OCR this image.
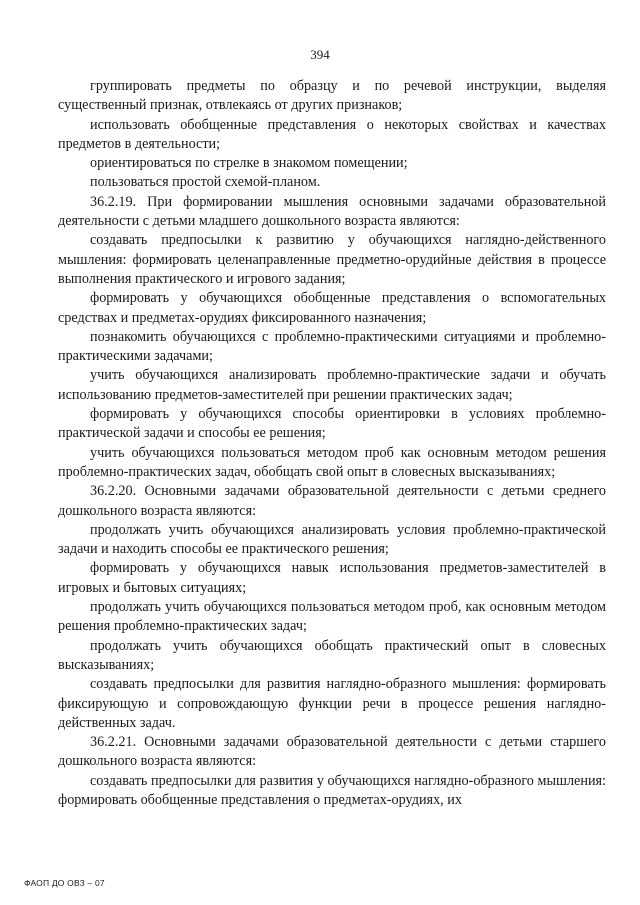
394

группировать предметы по образцу и по речевой инструкции, выделяя существенный признак, отвлекаясь от других признаков;

использовать обобщенные представления о некоторых свойствах и качествах предметов в деятельности;

ориентироваться по стрелке в знакомом помещении;

пользоваться простой схемой-планом.

36.2.19. При формировании мышления основными задачами образовательной деятельности с детьми младшего дошкольного возраста являются:

создавать предпосылки к развитию у обучающихся наглядно-действенного мышления: формировать целенаправленные предметно-орудийные действия в процессе выполнения практического и игрового задания;

формировать у обучающихся обобщенные представления о вспомогательных средствах и предметах-орудиях фиксированного назначения;

познакомить обучающихся с проблемно-практическими ситуациями и проблемно-практическими задачами;

учить обучающихся анализировать проблемно-практические задачи и обучать использованию предметов-заместителей при решении практических задач;

формировать у обучающихся способы ориентировки в условиях проблемно-практической задачи и способы ее решения;

учить обучающихся пользоваться методом проб как основным методом решения проблемно-практических задач, обобщать свой опыт в словесных высказываниях;

36.2.20. Основными задачами образовательной деятельности с детьми среднего дошкольного возраста являются:

продолжать учить обучающихся анализировать условия проблемно-практической задачи и находить способы ее практического решения;

формировать у обучающихся навык использования предметов-заместителей в игровых и бытовых ситуациях;

продолжать учить обучающихся пользоваться методом проб, как основным методом решения проблемно-практических задач;

продолжать учить обучающихся обобщать практический опыт в словесных высказываниях;

создавать предпосылки для развития наглядно-образного мышления: формировать фиксирующую и сопровождающую функции речи в процессе решения наглядно-действенных задач.

36.2.21. Основными задачами образовательной деятельности с детьми старшего дошкольного возраста являются:

создавать предпосылки для развития у обучающихся наглядно-образного мышления: формировать обобщенные представления о предметах-орудиях, их

ФАОП ДО ОВЗ – 07
